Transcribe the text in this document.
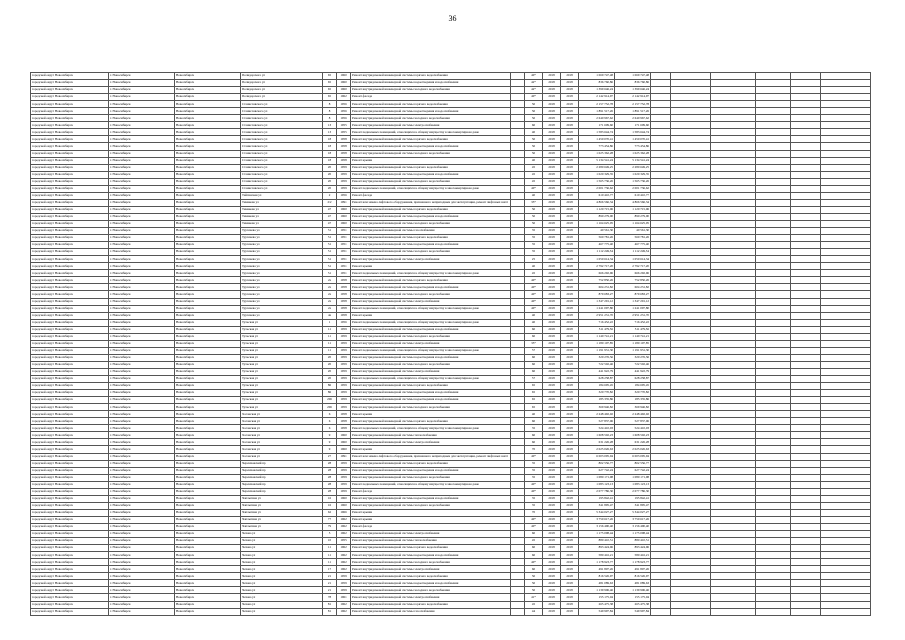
36
городской округ Новосибирск	г. Новосибирск	Новосибирск	Полидорского ул	65	1960	Ремонт внутридомовой инженерной системы горячего водоснабжения		40*	2018	2018	1 069 747,48	1 069 747,48						
городской округ Новосибирск	г. Новосибирск	Новосибирск	Полидорского ул	65	1960	Ремонт внутридомовой инженерной системы водоотведения и водоснабжения		42*	2018	2018	836 760,86	836 760,86						
городской округ Новосибирск	г. Новосибирск	Новосибирск	Полидорского ул	65	1960	Ремонт внутридомовой инженерной системы холодного водоснабжения		42*	2018	2018	1 399 646,24	1 399 646,24						
городской округ Новосибирск	г. Новосибирск	Новосибирск	Полидорского ул	65	1962	Ремонт фасада		40*	2018	2018	2 142 914,97	2 142 914,97						
городской округ Новосибирск	г. Новосибирск	Новосибирск	Станиславского ул	8	1956	Ремонт внутридомовой инженерной системы горячего водоснабжения		50	2018	2018	2 157 752,78	2 157 752,78						
городской округ Новосибирск	г. Новосибирск	Новосибирск	Станиславского ул	8	1956	Ремонт внутридомовой инженерной системы водоотведения и водоснабжения		50	2018	2018	1 891 517,26	1 891 517,26						
городской округ Новосибирск	г. Новосибирск	Новосибирск	Станиславского ул	8	1956	Ремонт внутридомовой инженерной системы холодного водоснабжения		50	2018	2018	2 640 967,62	2 640 967,62						
городской округ Новосибирск	г. Новосибирск	Новосибирск	Станиславского ул	13	1955	Ремонт внутридомовой инженерной системы электроснабжения		60	2018	2018	171 609,60	171 609,60						
городской округ Новосибирск	г. Новосибирск	Новосибирск	Станиславского ул	13	1955	Ремонт подвальных помещений, относящихся к общему имуществу в многоквартирном доме		40	2018	2018	1 583 644,74	1 583 644,74						
городской округ Новосибирск	г. Новосибирск	Новосибирск	Станиславского ул	18	1958	Ремонт внутридомовой инженерной системы горячего водоснабжения		50	2018	2018	1 450 070,41	1 450 070,41						
городской округ Новосибирск	г. Новосибирск	Новосибирск	Станиславского ул	18	1958	Ремонт внутридомовой инженерной системы водоотведения и водоснабжения		50	2018	2018	773 454,86	773 454,86						
городской округ Новосибирск	г. Новосибирск	Новосибирск	Станиславского ул	18	1958	Ремонт внутридомовой инженерной системы холодного водоснабжения		50	2018	2018	1 025 362,28	1 025 362,28						
городской округ Новосибирск	г. Новосибирск	Новосибирск	Станиславского ул	18	1958	Ремонт крыши		40	2018	2018	5 134 541,24	5 134 541,24						
городской округ Новосибирск	г. Новосибирск	Новосибирск	Станиславского ул	20	1959	Ремонт внутридомовой инженерной системы горячего водоснабжения		45	2018	2018	2 280 649,25	2 280 649,25						
городской округ Новосибирск	г. Новосибирск	Новосибирск	Станиславского ул	20	1959	Ремонт внутридомовой инженерной системы водоотведения и водоснабжения		45	2018	2018	1 020 329,35	1 020 329,35						
городской округ Новосибирск	г. Новосибирск	Новосибирск	Станиславского ул	20	1959	Ремонт внутридомовой инженерной системы холодного водоснабжения		45	2018	2018	1 565 736,26	1 565 736,26						
городской округ Новосибирск	г. Новосибирск	Новосибирск	Станиславского ул	20	1959	Ремонт подвальных помещений, относящихся к общему имуществу в многоквартирном доме		40*	2018	2018	2 001 736,62	2 001 736,62						
городской округ Новосибирск	г. Новосибирск	Новосибирск	Тайгинская ул	2	1956	Ремонт фасада		40	2018	2018	610 410,77	610 410,77						
городской округ Новосибирск	г. Новосибирск	Новосибирск	Тимакова ул	2/2	1991	Ремонт или замена лифтового оборудования, признанного непригодным для эксплуатации, ремонт лифтовых шахт		35*	2018	2018	4 866 566,34	4 866 566,34						
городской округ Новосибирск	г. Новосибирск	Новосибирск	Тимакова ул	47	1960	Ремонт внутридомовой инженерной системы горячего водоснабжения		50	2018	2018	1 120 715,06	1 120 715,06						
городской округ Новосибирск	г. Новосибирск	Новосибирск	Тимакова ул	47	1960	Ремонт внутридомовой инженерной системы водоотведения и водоснабжения		50	2018	2018	890 279,00	890 279,00						
городской округ Новосибирск	г. Новосибирск	Новосибирск	Тимакова ул	47	1960	Ремонт внутридомовой инженерной системы холодного водоснабжения		50	2018	2018	1 164 625,05	1 164 625,05						
городской округ Новосибирск	г. Новосибирск	Новосибирск	Тургенева ул	51	1951	Ремонт внутридомовой инженерной системы газоснабжения		35	2018	2018	40 561,30	40 561,30						
городской округ Новосибирск	г. Новосибирск	Новосибирск	Тургенева ул	51	1951	Ремонт внутридомовой инженерной системы горячего водоснабжения		35	2018	2018	560 781,26	560 781,26						
городской округ Новосибирск	г. Новосибирск	Новосибирск	Тургенева ул	51	1951	Ремонт внутридомовой инженерной системы водоотведения и водоснабжения		35	2018	2018	467 775,40	467 775,40						
городской округ Новосибирск	г. Новосибирск	Новосибирск	Тургенева ул	51	1951	Ремонт внутридомовой инженерной системы холодного водоснабжения		35	2018	2018	1 112 249,34	1 112 249,34						
городской округ Новосибирск	г. Новосибирск	Новосибирск	Тургенева ул	51	1951	Ремонт внутридомовой инженерной системы электроснабжения		25	2018	2018	1 050 614,34	1 050 614,34						
городской округ Новосибирск	г. Новосибирск	Новосибирск	Тургенева ул	51	1951	Ремонт крыши		40	2018	2018	2 792 717,20	2 792 717,20						
городской округ Новосибирск	г. Новосибирск	Новосибирск	Тургенева ул	51	1951	Ремонт подвальных помещений, относящихся к общему имуществу в многоквартирном доме		45	2018	2018	666 292,96	666 292,96						
городской округ Новосибирск	г. Новосибирск	Новосибирск	Тургенева ул	2а	1958	Ремонт внутридомовой инженерной системы горячего водоснабжения		40*	2018	2018	752 850,26	752 850,26						
городской округ Новосибирск	г. Новосибирск	Новосибирск	Тургенева ул	2а	1958	Ремонт внутридомовой инженерной системы водоотведения и водоснабжения		40*	2018	2018	604 231,82	604 231,82						
городской округ Новосибирск	г. Новосибирск	Новосибирск	Тургенева ул	2а	1958	Ремонт внутридомовой инженерной системы холодного водоснабжения		40*	2018	2018	879 683,27	879 683,27						
городской округ Новосибирск	г. Новосибирск	Новосибирск	Тургенева ул	2а	1958	Ремонт внутридомовой инженерной системы электроснабжения		40*	2018	2018	1 347 291,12	1 347 291,12						
городской округ Новосибирск	г. Новосибирск	Новосибирск	Тургенева ул	2а	1958	Ремонт подвальных помещений, относящихся к общему имуществу в многоквартирном доме		40*	2018	2018	1 241 097,80	1 241 097,80						
городской округ Новосибирск	г. Новосибирск	Новосибирск	Тургенева ул	4а	1958	Ремонт крыши		40	2018	2018	2 951 231,70	2 951 231,70						
городской округ Новосибирск	г. Новосибирск	Новосибирск	Тульская ул	1	1956	Ремонт подвальных помещений, относящихся к общему имуществу в многоквартирном доме		40	2018	2018	716 452,22	716 452,22						
городской округ Новосибирск	г. Новосибирск	Новосибирск	Тульская ул	11	1959	Ремонт внутридомовой инженерной системы водоотведения и водоснабжения		60	2018	2018	511 479,56	511 479,56						
городской округ Новосибирск	г. Новосибирск	Новосибирск	Тульская ул	11	1959	Ремонт внутридомовой инженерной системы холодного водоснабжения		60	2018	2018	1 140 741,21	1 140 741,21						
городской округ Новосибирск	г. Новосибирск	Новосибирск	Тульская ул	11	1959	Ремонт внутридомовой инженерной системы электроснабжения		35*	2018	2018	1 180 107,85	1 180 107,85						
городской округ Новосибирск	г. Новосибирск	Новосибирск	Тульская ул	11	1959	Ремонт подвальных помещений, относящихся к общему имуществу в многоквартирном доме		57	2018	2018	1 191 931,30	1 191 931,30						
городской округ Новосибирск	г. Новосибирск	Новосибирск	Тульская ул	20	1959	Ремонт внутридомовой инженерной системы водоотведения и водоснабжения		60	2018	2018	320 276,56	320 276,56						
городской округ Новосибирск	г. Новосибирск	Новосибирск	Тульская ул	20	1959	Ремонт внутридомовой инженерной системы холодного водоснабжения		60	2018	2018	722 502,46	722 502,46						
городской округ Новосибирск	г. Новосибирск	Новосибирск	Тульская ул	20	1959	Ремонт внутридомовой инженерной системы электроснабжения		60	2018	2018	441 922,79	441 922,79						
городской округ Новосибирск	г. Новосибирск	Новосибирск	Тульская ул	20	1959	Ремонт подвальных помещений, относящихся к общему имуществу в многоквартирном доме		57	2018	2018	628 258,87	628 258,87						
городской округ Новосибирск	г. Новосибирск	Новосибирск	Тульская ул	86	1959	Ремонт внутридомовой инженерной системы горячего водоснабжения		65	2018	2018	184 695,45	184 695,45						
городской округ Новосибирск	г. Новосибирск	Новосибирск	Тульская ул	86	1959	Ремонт внутридомовой инженерной системы водоотведения и водоснабжения		65	2018	2018	320 770,82	320 770,82						
городской округ Новосибирск	г. Новосибирск	Новосибирск	Тульская ул	206	1959	Ремонт внутридомовой инженерной системы водоотведения и водоснабжения		65	2018	2018	185 335,86	185 335,86						
городской округ Новосибирск	г. Новосибирск	Новосибирск	Тульская ул	206	1959	Ремонт внутридомовой инженерной системы холодного водоснабжения		65	2018	2018	369 946,82	369 946,82						
городской округ Новосибирск	г. Новосибирск	Новосибирск	Хасанская ул	6	1958	Ремонт крыши		40	2018	2018	2 248 492,02	2 248 492,02						
городской округ Новосибирск	г. Новосибирск	Новосибирск	Хасанская ул	6	1958	Ремонт внутридомовой инженерной системы горячего водоснабжения		60	2018	2018	527 837,06	527 837,06						
городской округ Новосибирск	г. Новосибирск	Новосибирск	Хасанская ул	6	1958	Ремонт подвальных помещений, относящихся к общему имуществу в многоквартирном доме		35	2018	2018	524 410,03	524 410,03						
городской округ Новосибирск	г. Новосибирск	Новосибирск	Хасанская ул	9	1960	Ремонт внутридомовой инженерной системы теплоснабжения		60	2018	2018	1 608 502,23	1 608 502,23						
городской округ Новосибирск	г. Новосибирск	Новосибирск	Хасанская ул	9	1960	Ремонт внутридомовой инженерной системы электроснабжения		60	2018	2018	631 226,28	631 226,28						
городской округ Новосибирск	г. Новосибирск	Новосибирск	Хасанская ул	9	1960	Ремонт крыши		70	2018	2018	2 025 026,63	2 025 026,63						
городской округ Новосибирск	г. Новосибирск	Новосибирск	Хасанская ул	27	1991	Ремонт или замена лифтового оборудования, признанного непригодным для эксплуатации, ремонт лифтовых шахт		40*	2018	2018	6 003 095,94	6 003 095,94						
городской округ Новосибирск	г. Новосибирск	Новосибирск	Черемховский пр	28	1959	Ремонт внутридомовой инженерной системы горячего водоснабжения		35	2018	2018	802 556,77	802 556,77						
городской округ Новосибирск	г. Новосибирск	Новосибирск	Черемховский пр	28	1959	Ремонт внутридомовой инженерной системы водоотведения и водоснабжения		35	2018	2018	627 742,24	627 742,24						
городской округ Новосибирск	г. Новосибирск	Новосибирск	Черемховский пр	28	1959	Ремонт внутридомовой инженерной системы холодного водоснабжения		35	2018	2018	1 080 171,98	1 080 171,98						
городской округ Новосибирск	г. Новосибирск	Новосибирск	Черемховский пр	28	1959	Ремонт подвальных помещений, относящихся к общему имуществу в многоквартирном доме		40*	2018	2018	1 083 123,13	1 083 123,13						
городской округ Новосибирск	г. Новосибирск	Новосибирск	Черемховский пр	28	1959	Ремонт фасада		40*	2018	2018	2 077 786,30	2 077 786,30						
городской округ Новосибирск	г. Новосибирск	Новосибирск	Чаплыгина ул	16	1960	Ремонт внутридомовой инженерной системы водоотведения и водоснабжения		35	2018	2018	195 842,41	195 842,41						
городской округ Новосибирск	г. Новосибирск	Новосибирск	Чаплыгина ул	16	1960	Ремонт внутридомовой инженерной системы холодного водоснабжения		35	2018	2018	341 895,47	341 895,47						
городской округ Новосибирск	г. Новосибирск	Новосибирск	Чаплыгина ул	62	1966	Ремонт крыши		70	2018	2018	5 344 027,27	5 344 027,27						
городской округ Новосибирск	г. Новосибирск	Новосибирск	Чаплыгина ул	77	1962	Ремонт крыши		40*	2018	2018	3 750 617,26	3 750 617,26						
городской округ Новосибирск	г. Новосибирск	Новосибирск	Чаплыгина ул	79	1962	Ремонт фасада		40*	2018	2018	3 156 490,40	3 156 490,40						
городской округ Новосибирск	г. Новосибирск	Новосибирск	Чехова ул	5	1962	Ремонт внутридомовой инженерной системы электроснабжения		60	2018	2018	1 175 098,44	1 175 098,44						
городской округ Новосибирск	г. Новосибирск	Новосибирск	Чехова ул	10	1955	Ремонт внутридомовой инженерной системы теплоснабжения		45	2018	2018	880 410,51	880 410,51						
городской округ Новосибирск	г. Новосибирск	Новосибирск	Чехова ул	11	1962	Ремонт внутридомовой инженерной системы горячего водоснабжения		60	2018	2018	893 424,96	893 424,96						
городской округ Новосибирск	г. Новосибирск	Новосибирск	Чехова ул	11	1962	Ремонт внутридомовой инженерной системы водоотведения и водоснабжения		60	2018	2018	580 416,21	580 416,21						
городской округ Новосибирск	г. Новосибирск	Новосибирск	Чехова ул	11	1962	Ремонт внутридомовой инженерной системы холодного водоснабжения		40*	2018	2018	1 178 923,77	1 178 923,77						
городской округ Новосибирск	г. Новосибирск	Новосибирск	Чехова ул	17	1962	Ремонт внутридомовой инженерной системы электроснабжения		60	2018	2018	491 807,26	491 807,26						
городской округ Новосибирск	г. Новосибирск	Новосибирск	Чехова ул	21	1959	Ремонт внутридомовой инженерной системы горячего водоснабжения		50	2018	2018	816 526,97	816 526,97						
городской округ Новосибирск	г. Новосибирск	Новосибирск	Чехова ул	21	1959	Ремонт внутридомовой инженерной системы водоотведения и водоснабжения		50	2018	2018	481 089,63	481 089,63						
городской округ Новосибирск	г. Новосибирск	Новосибирск	Чехова ул	21	1959	Ремонт внутридомовой инженерной системы холодного водоснабжения		50	2018	2018	1 139 906,46	1 139 906,46						
городской округ Новосибирск	г. Новосибирск	Новосибирск	Чехова ул	78	1961	Ремонт внутридомовой инженерной системы электроснабжения		41*	2018	2018	155 175,04	155 175,04						
городской округ Новосибирск	г. Новосибирск	Новосибирск	Чехова ул	81	1962	Ремонт внутридомовой инженерной системы горячего водоснабжения		45	2018	2018	265 475,38	265 475,38						
городской округ Новосибирск	г. Новосибирск	Новосибирск	Чехова ул	81	1962	Ремонт внутридомовой инженерной системы газоснабжения		44	2018	2018	549 997,84	549 997,84						
